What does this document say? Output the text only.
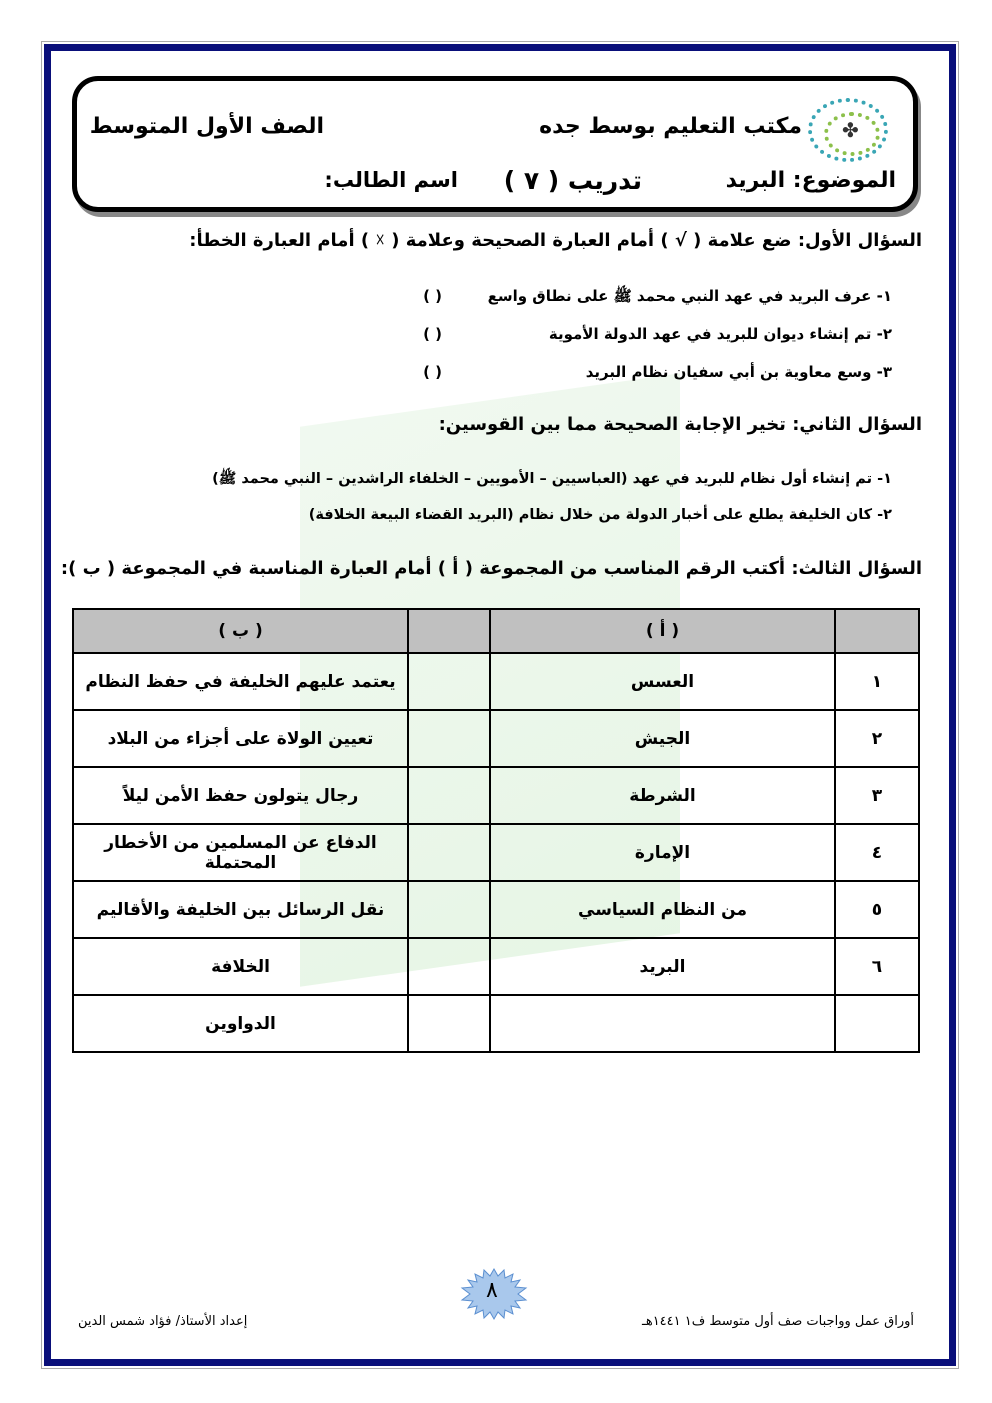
✤
مكتب التعليم بوسط جده
الصف الأول المتوسط
الموضوع: البريد
تدريب ( ٧ )
اسم الطالب:
السؤال الأول: ضع علامة ( √ ) أمام العبارة الصحيحة وعلامة ( ☓ ) أمام العبارة الخطأ:
١- عرف البريد في عهد النبي محمد ﷺ على نطاق واسع
( )
٢- تم إنشاء ديوان للبريد في عهد الدولة الأموية
( )
٣- وسع معاوية بن أبي سفيان نظام البريد
( )
السؤال الثاني: تخير الإجابة الصحيحة مما بين القوسين:
١- تم إنشاء أول نظام للبريد في عهد (العباسيين – الأمويين – الخلفاء الراشدين – النبي محمد ﷺ)
٢- كان الخليفة يطلع على أخبار الدولة من خلال نظام (البريد القضاء البيعة الخلافة)
السؤال الثالث: أكتب الرقم المناسب من المجموعة ( أ ) أمام العبارة المناسبة في المجموعة ( ب ):
	( أ )		( ب )
١	العسس		يعتمد عليهم الخليفة في حفظ النظام
٢	الجيش		تعيين الولاة على أجزاء من البلاد
٣	الشرطة		رجال يتولون حفظ الأمن ليلاً
٤	الإمارة		الدفاع عن المسلمين من الأخطار المحتملة
٥	من النظام السياسي		نقل الرسائل بين الخليفة والأقاليم
٦	البريد		الخلافة
			الدواوين
٨
إعداد الأستاذ/ فؤاد شمس الدين	أوراق عمل وواجبات صف أول متوسط ف١ ١٤٤١هـ
